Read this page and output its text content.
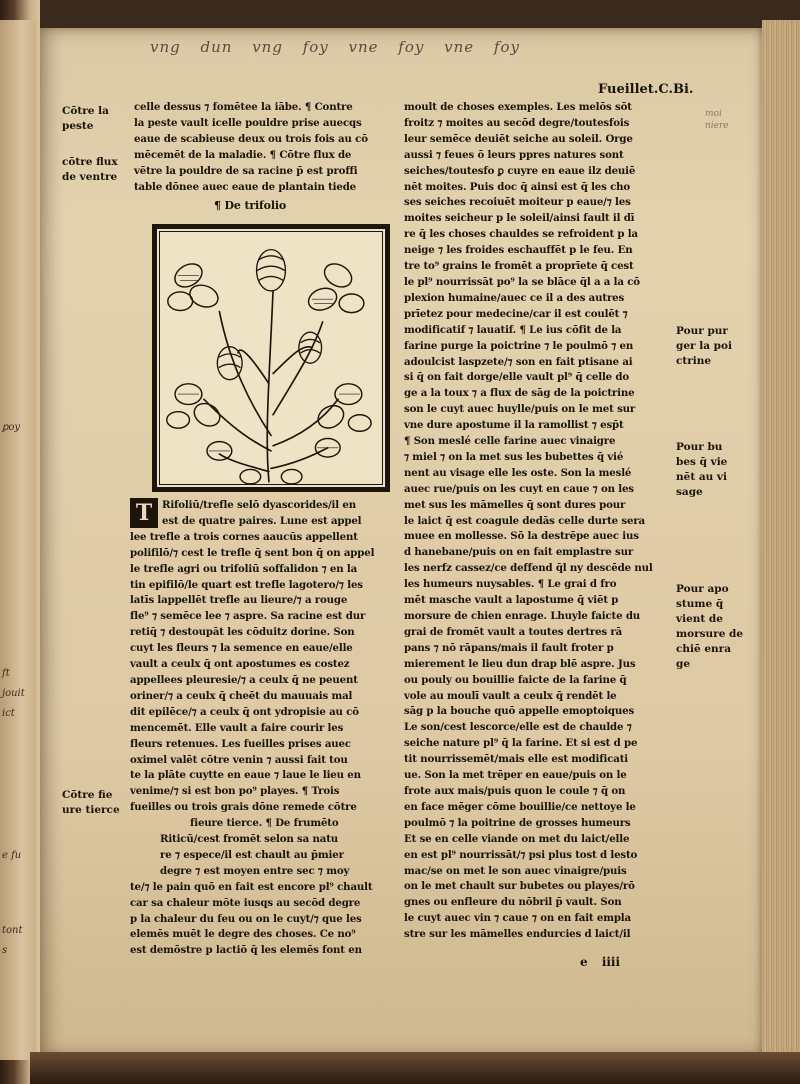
ꝑoy
ft
jouit
ict
e fu
tont
s
vng dun vng foy vne foy vne foy
Fueillet.C.Bi.
Cōtre la
peste
cōtre flux
de ventre
Cōtre fie
ure tierce

celle dessus ⁊ fomētee la iābe. ¶ Contre

la peste vault icelle pouldre prise auecqs

eaue de scabieuse deux ou trois fois au cō

mēcemēt de la maladie. ¶ Cōtre flux de

vētre la pouldre de sa racine p̄ est proffi

table dōnee auec eaue de plantain tiede

¶ De trifolio

T Rifoliū/trefle selō dyascorides/il en

est de quatre paires. Lune est appel

lee trefle a trois cornes aaucūs appellent

polifilō/⁊ cest le trefle q̄ sent bon q̄ on appel

le trefle agri ou trifoliū soffalidon ⁊ en la

tin epifilō/le quart est trefle lagotero/⁊ les

latīs lappellēt trefle au lieure/⁊ a rouge

fle⁹ ⁊ semēce lee ⁊ aspre. Sa racine est dur

retiq̄ ⁊ destoupāt les cōduitz dorine. Son

cuyt les fleurs ⁊ la semence en eaue/elle

vault a ceulx q̄ ont apostumes es costez

appellees pleuresie/⁊ a ceulx q̄ ne peuent

oriner/⁊ a ceulx q̄ cheēt du mauuais mal

dit epilēce/⁊ a ceulx q̄ ont ydropisie au cō

mencemēt. Elle vault a faire courir les

fleurs retenues. Les fueilles prises auec

oximel valēt cōtre venin ⁊ aussi fait tou

te la plāte cuytte en eaue ⁊ laue le lieu en

venime/⁊ si est bon po⁹ playes. ¶ Trois

fueilles ou trois grais dōne remede cōtre

fieure tierce. ¶ De frumēto

Riticū/cest fromēt selon sa natu

re ⁊ espece/il est chault au p̄mier

degre ⁊ est moyen entre sec ⁊ moy

te/⁊ le pain quō en fait est encore pl⁹ chault

car sa chaleur mōte iusqs au secōd degre

p la chaleur du feu ou on le cuyt/⁊ que les

elemēs muēt le degre des choses. Ce no⁹

est demōstre p lactiō q̄ les elemēs font en

moult de choses exemples. Les melōs sōt

froitz ⁊ moites au secōd degre/toutesfois

leur semēce deuiēt seiche au soleil. Orge

aussi ⁊ feues ō leurs ppres natures sont

seiches/toutesfo ꝑ cuyre en eaue ilz deuiē

nēt moites. Puis doc q̄ ainsi est q̄ les cho

ses seiches recoiuēt moiteur p eaue/⁊ les

moites seicheur p le soleil/ainsi fault il dī

re q̄ les choses chauldes se refroident p la

neige ⁊ les froides eschauffēt p le feu. En

tre to⁹ grains le fromēt a proprīete q̄ cest

le pl⁹ nourrissāt po⁹ la se blāce q̄l a a la cō

plexion humaine/auec ce il a des autres

prīetez pour medecine/car il est coulēt ⁊

modificatif ⁊ lauatif. ¶ Le ius cōfit de la

farine purge la poictrine ⁊ le poulmō ⁊ en

adoulcist laspzete/⁊ son en fait ptisane ai

si q̄ on fait dorge/elle vault pl⁹ q̄ celle do

ge a la toux ⁊ a flux de sāg de la poictrine

son le cuyt auec huylle/puis on le met sur

vne dure apostume il la ramollist ⁊ esp̄t

¶ Son meslé celle farine auec vinaigre

⁊ miel ⁊ on la met sus les bubettes q̄ vié

nent au visage elle les oste. Son la meslé

auec rue/puis on les cuyt en caue ⁊ on les

met sus les māmelles q̄ sont dures pour

le laict q̄ est coagule dedās celle durte sera

muee en mollesse. Sō la destrēpe auec ius

d hanebane/puis on en fait emplastre sur

les nerfz cassez/ce deffend q̄l ny descēde nul

les humeurs nuysables. ¶ Le grai d fro

mēt masche vault a lapostume q̄ viēt p

morsure de chien enrage. Lhuyle faicte du

grai de fromēt vault a toutes dertres rā

pans ⁊ nō rāpans/mais il fault froter p

mierement le lieu dun drap blē aspre. Jus

ou pouly ou bouillie faicte de la farine q̄

vole au moulī vault a ceulx q̄ rendēt le

sāg p la bouche quō appelle emoptoiques

Le son/cest lescorce/elle est de chaulde ⁊

seiche nature pl⁹ q̄ la farine. Et si est d pe

tit nourrissemēt/mais elle est modificati

ue. Son la met trēper en eaue/puis on le

frote aux mais/puis quon le coule ⁊ q̄ on

en face mēger cōme bouillie/ce nettoye le

poulmō ⁊ la poitrine de grosses humeurs

Et se en celle viande on met du laict/elle

en est pl⁹ nourrissāt/⁊ psi plus tost d lesto

mac/se on met le son auec vinaigre/puis

on le met chault sur bubetes ou playes/rō

gnes ou enfleure du nōbril p̄ vault. Son

le cuyt auec vin ⁊ caue ⁊ on en fait empla

stre sur les māmelles endurcies d laict/il

Pour pur
ger la poi
ctrine
Pour bu
bes q̄ vie
nēt au vi
sage
Pour apo
stume q̄
vient de
morsure de
chiē enra
ge
moi
niere
e iiii
